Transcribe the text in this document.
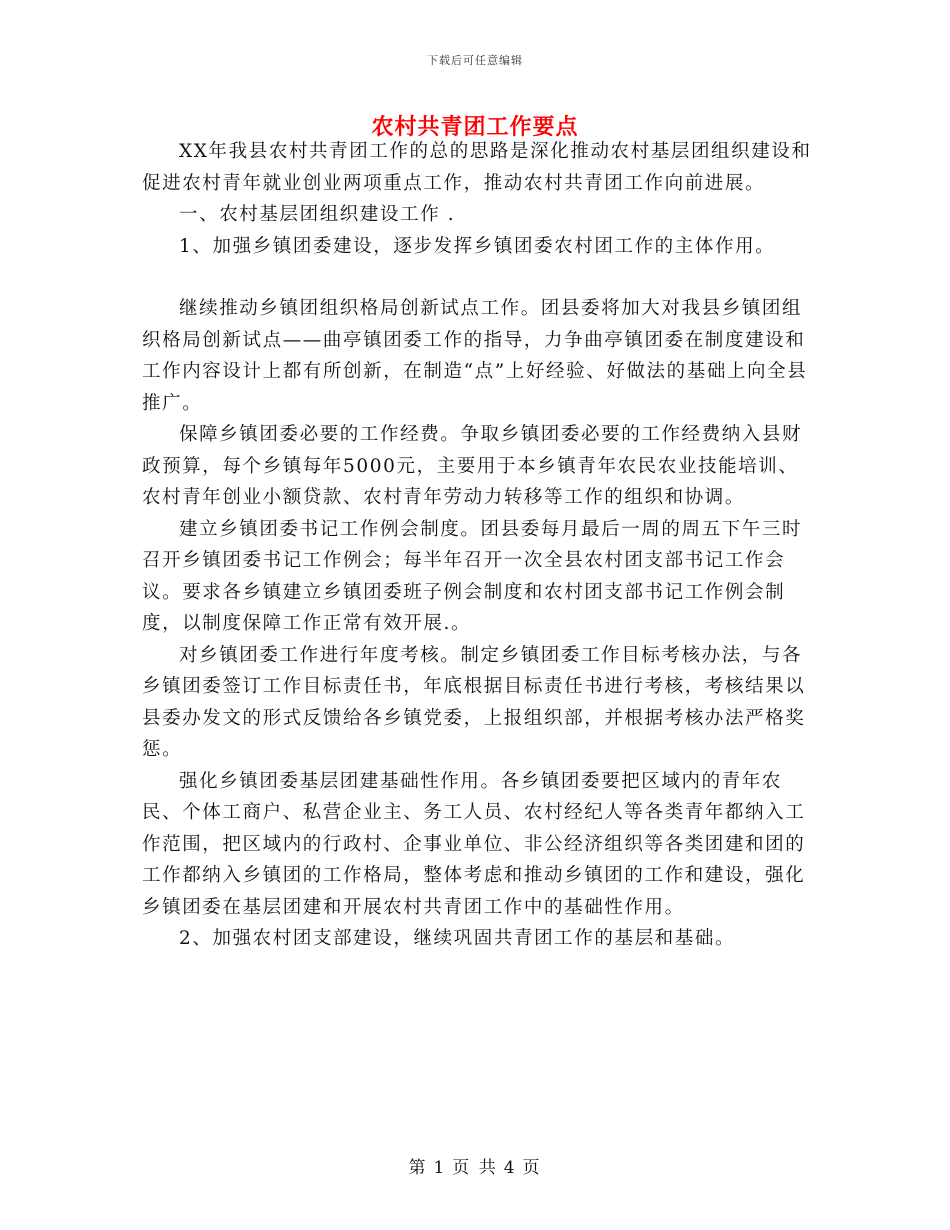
下载后可任意编辑
农村共青团工作要点

XX年我县农村共青团工作的总的思路是深化推动农村基层团组织建设和促进农村青年就业创业两项重点工作，推动农村共青团工作向前进展。

一、农村基层团组织建设工作 .

1、加强乡镇团委建设，逐步发挥乡镇团委农村团工作的主体作用。

继续推动乡镇团组织格局创新试点工作。团县委将加大对我县乡镇团组织格局创新试点——曲亭镇团委工作的指导，力争曲亭镇团委在制度建设和工作内容设计上都有所创新，在制造“点”上好经验、好做法的基础上向全县推广。

保障乡镇团委必要的工作经费。争取乡镇团委必要的工作经费纳入县财政预算，每个乡镇每年5000元，主要用于本乡镇青年农民农业技能培训、农村青年创业小额贷款、农村青年劳动力转移等工作的组织和协调。

建立乡镇团委书记工作例会制度。团县委每月最后一周的周五下午三时召开乡镇团委书记工作例会；每半年召开一次全县农村团支部书记工作会议。要求各乡镇建立乡镇团委班子例会制度和农村团支部书记工作例会制度，以制度保障工作正常有效开展.。

对乡镇团委工作进行年度考核。制定乡镇团委工作目标考核办法，与各乡镇团委签订工作目标责任书，年底根据目标责任书进行考核，考核结果以县委办发文的形式反馈给各乡镇党委，上报组织部，并根据考核办法严格奖惩。

强化乡镇团委基层团建基础性作用。各乡镇团委要把区域内的青年农民、个体工商户、私营企业主、务工人员、农村经纪人等各类青年都纳入工作范围，把区域内的行政村、企事业单位、非公经济组织等各类团建和团的工作都纳入乡镇团的工作格局，整体考虑和推动乡镇团的工作和建设，强化乡镇团委在基层团建和开展农村共青团工作中的基础性作用。

2、加强农村团支部建设，继续巩固共青团工作的基层和基础。

第 1 页 共 4 页
